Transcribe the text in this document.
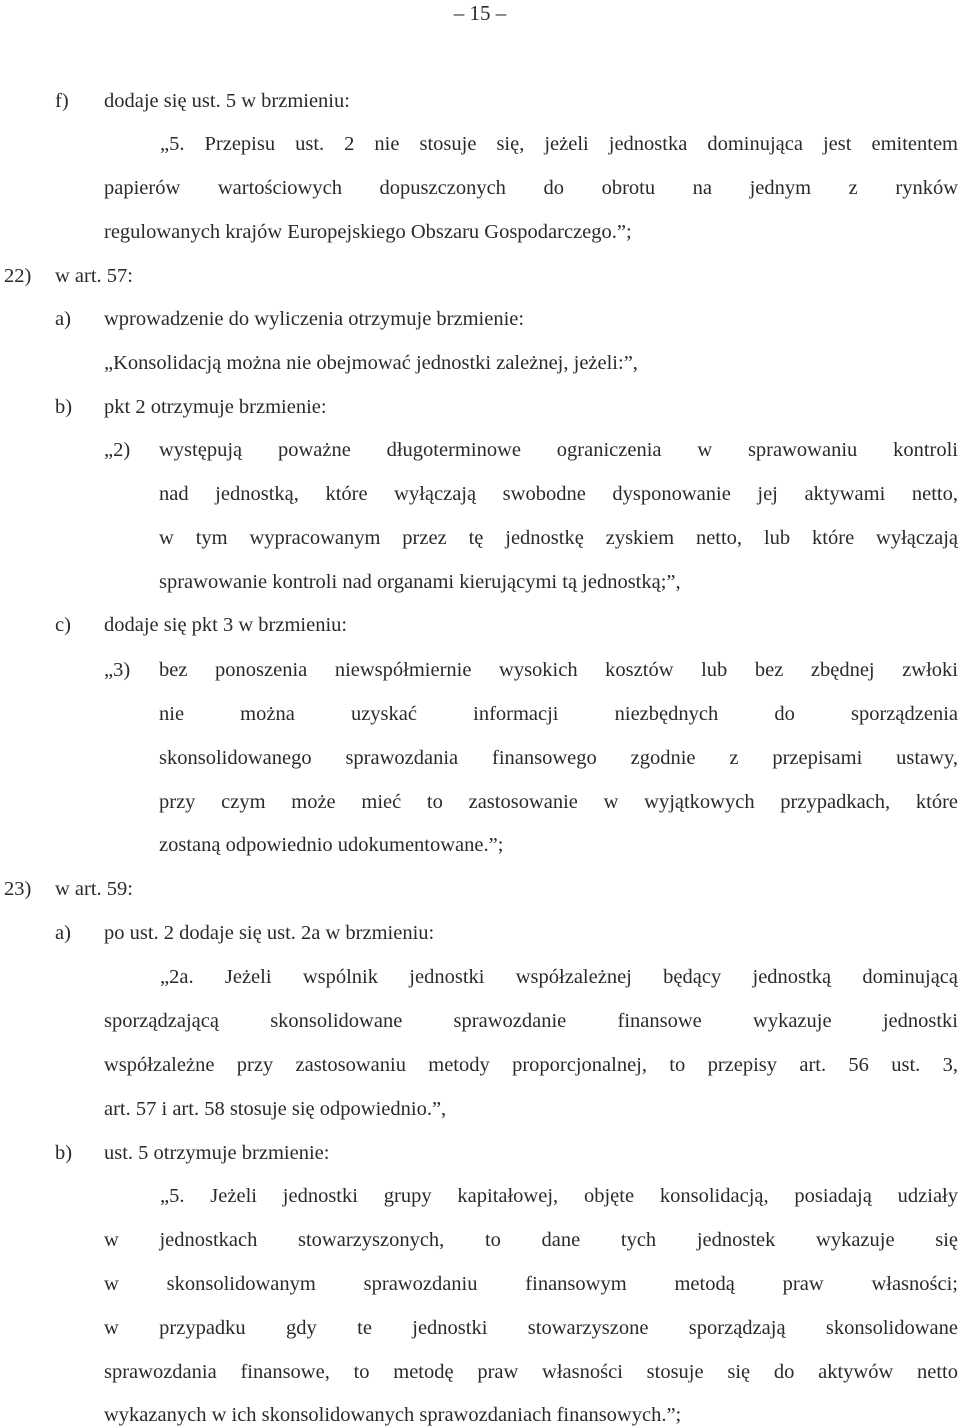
– 15 –
f) dodaje się ust. 5 w brzmieniu:
„5. Przepisu ust. 2 nie stosuje się, jeżeli jednostka dominująca jest emitentem
papierów wartościowych dopuszczonych do obrotu na jednym z rynków
regulowanych krajów Europejskiego Obszaru Gospodarczego.”;
22) w art. 57:
a) wprowadzenie do wyliczenia otrzymuje brzmienie:
„Konsolidacją można nie obejmować jednostki zależnej, jeżeli:”,
b) pkt 2 otrzymuje brzmienie:
„2) występują poważne długoterminowe ograniczenia w sprawowaniu kontroli
nad jednostką, które wyłączają swobodne dysponowanie jej aktywami netto,
w tym wypracowanym przez tę jednostkę zyskiem netto, lub które wyłączają
sprawowanie kontroli nad organami kierującymi tą jednostką;”,
c) dodaje się pkt 3 w brzmieniu:
„3) bez ponoszenia niewspółmiernie wysokich kosztów lub bez zbędnej zwłoki
nie można uzyskać informacji niezbędnych do sporządzenia
skonsolidowanego sprawozdania finansowego zgodnie z przepisami ustawy,
przy czym może mieć to zastosowanie w wyjątkowych przypadkach, które
zostaną odpowiednio udokumentowane.”;
23) w art. 59:
a) po ust. 2 dodaje się ust. 2a w brzmieniu:
„2a. Jeżeli wspólnik jednostki współzależnej będący jednostką dominującą
sporządzającą skonsolidowane sprawozdanie finansowe wykazuje jednostki
współzależne przy zastosowaniu metody proporcjonalnej, to przepisy art. 56 ust. 3,
art. 57 i art. 58 stosuje się odpowiednio.”,
b) ust. 5 otrzymuje brzmienie:
„5. Jeżeli jednostki grupy kapitałowej, objęte konsolidacją, posiadają udziały
w jednostkach stowarzyszonych, to dane tych jednostek wykazuje się
w skonsolidowanym sprawozdaniu finansowym metodą praw własności;
w przypadku gdy te jednostki stowarzyszone sporządzają skonsolidowane
sprawozdania finansowe, to metodę praw własności stosuje się do aktywów netto
wykazanych w ich skonsolidowanych sprawozdaniach finansowych.”;
